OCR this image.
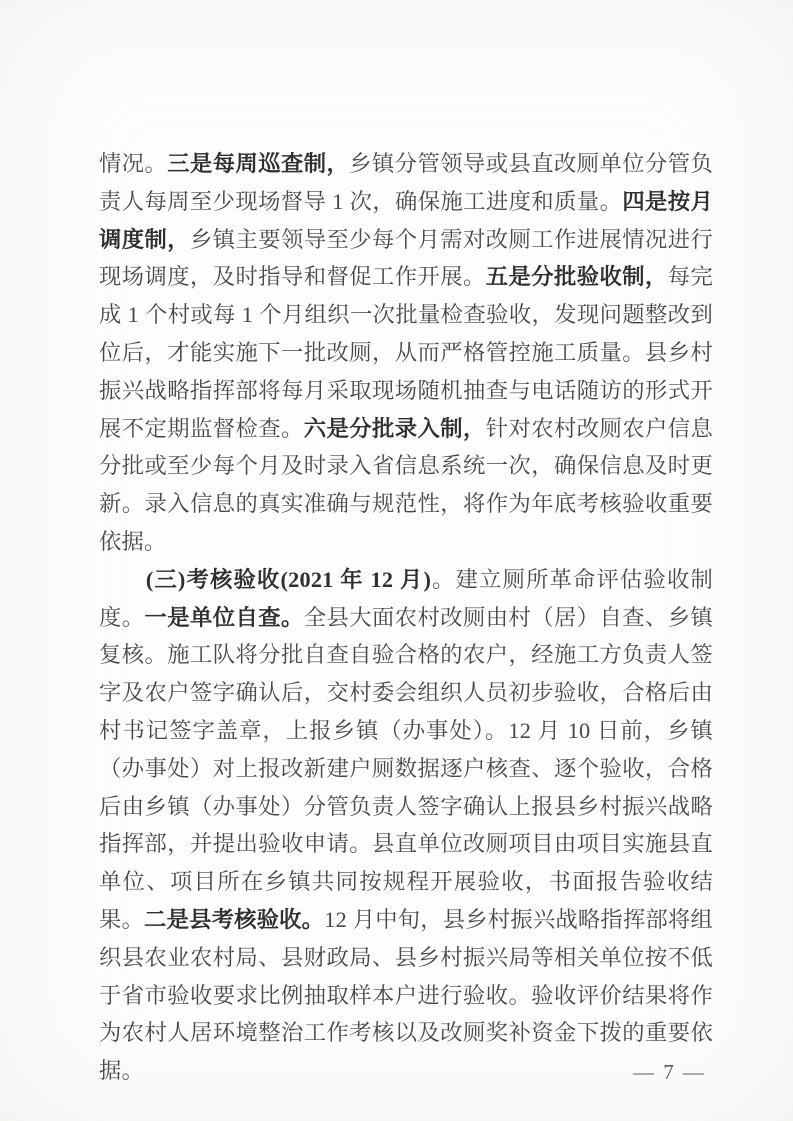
情况。三是每周巡查制，乡镇分管领导或县直改厕单位分管负责人每周至少现场督导 1 次，确保施工进度和质量。四是按月调度制，乡镇主要领导至少每个月需对改厕工作进展情况进行现场调度，及时指导和督促工作开展。五是分批验收制，每完成 1 个村或每 1 个月组织一次批量检查验收，发现问题整改到位后，才能实施下一批改厕，从而严格管控施工质量。县乡村振兴战略指挥部将每月采取现场随机抽查与电话随访的形式开展不定期监督检查。六是分批录入制，针对农村改厕农户信息分批或至少每个月及时录入省信息系统一次，确保信息及时更新。录入信息的真实准确与规范性，将作为年底考核验收重要依据。

(三)考核验收(2021 年 12 月)。建立厕所革命评估验收制度。一是单位自查。全县大面农村改厕由村（居）自查、乡镇复核。施工队将分批自查自验合格的农户，经施工方负责人签字及农户签字确认后，交村委会组织人员初步验收，合格后由村书记签字盖章，上报乡镇（办事处）。12 月 10 日前，乡镇（办事处）对上报改新建户厕数据逐户核查、逐个验收，合格后由乡镇（办事处）分管负责人签字确认上报县乡村振兴战略指挥部，并提出验收申请。县直单位改厕项目由项目实施县直单位、项目所在乡镇共同按规程开展验收，书面报告验收结果。二是县考核验收。12 月中旬，县乡村振兴战略指挥部将组织县农业农村局、县财政局、县乡村振兴局等相关单位按不低于省市验收要求比例抽取样本户进行验收。验收评价结果将作为农村人居环境整治工作考核以及改厕奖补资金下拨的重要依据。	— 7 —
